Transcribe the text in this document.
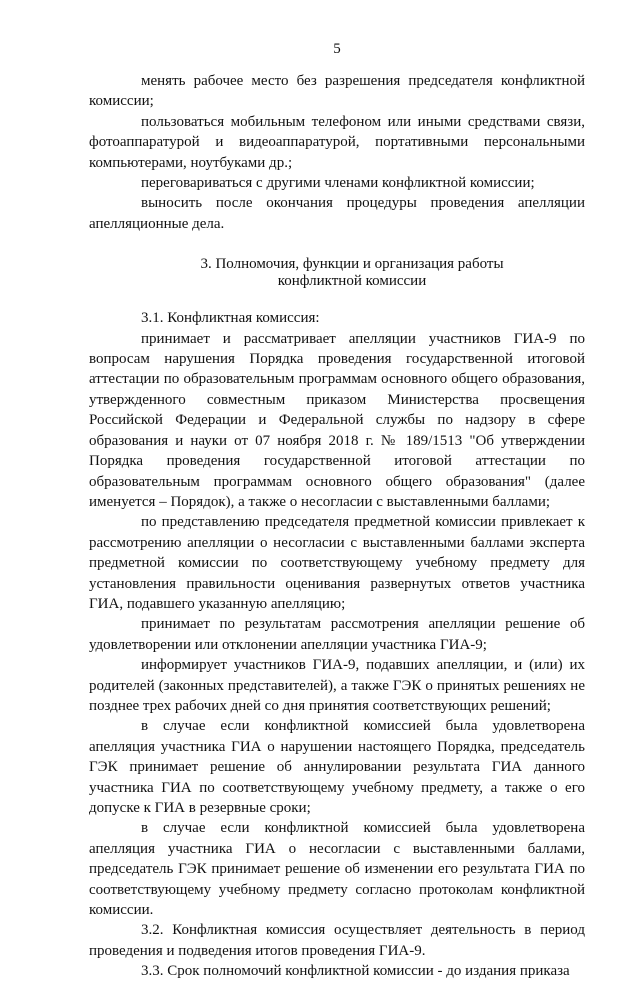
5

менять рабочее место без разрешения председателя конфликтной комиссии;

пользоваться мобильным телефоном или иными средствами связи, фотоаппаратурой и видеоаппаратурой, портативными персональными компьютерами, ноутбуками др.;

переговариваться с другими членами конфликтной комиссии;

выносить после окончания процедуры проведения апелляции апелляционные дела.

3. Полномочия, функции и организация работы
конфликтной комиссии

3.1. Конфликтная комиссия:

принимает и рассматривает апелляции участников ГИА-9 по вопросам нарушения Порядка проведения государственной итоговой аттестации по образовательным программам основного общего образования, утвержденного совместным приказом Министерства просвещения Российской Федерации и Федеральной службы по надзору в сфере образования и науки от 07 ноября 2018 г. № 189/1513 "Об утверждении Порядка проведения государственной итоговой аттестации по образовательным программам основного общего образования" (далее именуется – Порядок), а также о несогласии с выставленными баллами;

по представлению председателя предметной комиссии привлекает к рассмотрению апелляции о несогласии с выставленными баллами эксперта предметной комиссии по соответствующему учебному предмету для установления правильности оценивания развернутых ответов участника ГИА, подавшего указанную апелляцию;

принимает по результатам рассмотрения апелляции решение об удовлетворении или отклонении апелляции участника ГИА-9;

информирует участников ГИА-9, подавших апелляции, и (или) их родителей (законных представителей), а также ГЭК о принятых решениях не позднее трех рабочих дней со дня принятия соответствующих решений;

в случае если конфликтной комиссией была удовлетворена апелляция участника ГИА о нарушении настоящего Порядка, председатель ГЭК принимает решение об аннулировании результата ГИА данного участника ГИА по соответствующему учебному предмету, а также о его допуске к ГИА в резервные сроки;

в случае если конфликтной комиссией была удовлетворена апелляция участника ГИА о несогласии с выставленными баллами, председатель ГЭК принимает решение об изменении его результата ГИА по соответствующему учебному предмету согласно протоколам конфликтной комиссии.

3.2. Конфликтная комиссия осуществляет деятельность в период проведения и подведения итогов проведения ГИА-9.

3.3. Срок полномочий конфликтной комиссии - до издания приказа
